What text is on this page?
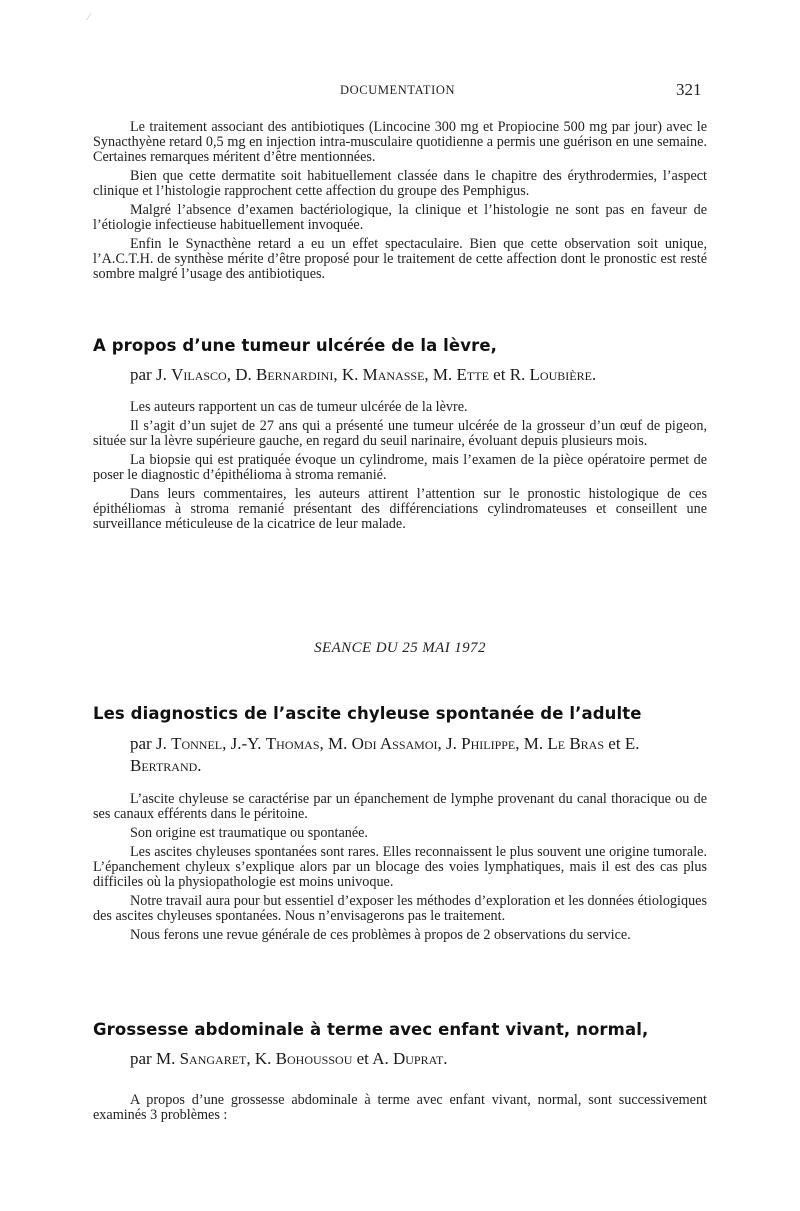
DOCUMENTATION	321

Le traitement associant des antibiotiques (Lincocine 300 mg et Propiocine 500 mg par jour) avec le Synacthyène retard 0,5 mg en injection intra-musculaire quotidienne a permis une guérison en une semaine. Certaines remarques méritent d’être mentionnées.

Bien que cette dermatite soit habituellement classée dans le chapitre des érythrodermies, l’aspect clinique et l’histologie rapprochent cette affection du groupe des Pemphigus.

Malgré l’absence d’examen bactériologique, la clinique et l’histologie ne sont pas en faveur de l’étiologie infectieuse habituellement invoquée.

Enfin le Synacthène retard a eu un effet spectaculaire. Bien que cette observation soit unique, l’A.C.T.H. de synthèse mérite d’être proposé pour le traitement de cette affection dont le pronostic est resté sombre malgré l’usage des antibiotiques.

A propos d’une tumeur ulcérée de la lèvre,
par J. Vilasco, D. Bernardini, K. Manasse, M. Ette et R. Loubière.

Les auteurs rapportent un cas de tumeur ulcérée de la lèvre.

Il s’agit d’un sujet de 27 ans qui a présenté une tumeur ulcérée de la grosseur d’un œuf de pigeon, située sur la lèvre supérieure gauche, en regard du seuil narinaire, évoluant depuis plusieurs mois.

La biopsie qui est pratiquée évoque un cylindrome, mais l’examen de la pièce opératoire permet de poser le diagnostic d’épithélioma à stroma remanié.

Dans leurs commentaires, les auteurs attirent l’attention sur le pronostic histologique de ces épithéliomas à stroma remanié présentant des différenciations cylindromateuses et conseillent une surveillance méticuleuse de la cicatrice de leur malade.

SEANCE DU 25 MAI 1972
Les diagnostics de l’ascite chyleuse spontanée de l’adulte
par J. Tonnel, J.-Y. Thomas, M. Odi Assamoi, J. Philippe, M. Le Bras et E. Bertrand.

L’ascite chyleuse se caractérise par un épanchement de lymphe provenant du canal thoracique ou de ses canaux efférents dans le péritoine.

Son origine est traumatique ou spontanée.

Les ascites chyleuses spontanées sont rares. Elles reconnaissent le plus souvent une origine tumorale. L’épanchement chyleux s’explique alors par un blocage des voies lymphatiques, mais il est des cas plus difficiles où la physiopathologie est moins univoque.

Notre travail aura pour but essentiel d’exposer les méthodes d’exploration et les données étiologiques des ascites chyleuses spontanées. Nous n’envisagerons pas le traitement.

Nous ferons une revue générale de ces problèmes à propos de 2 observations du service.

Grossesse abdominale à terme avec enfant vivant, normal,
par M. Sangaret, K. Bohoussou et A. Duprat.

A propos d’une grossesse abdominale à terme avec enfant vivant, normal, sont successivement examinés 3 problèmes :

⁄
